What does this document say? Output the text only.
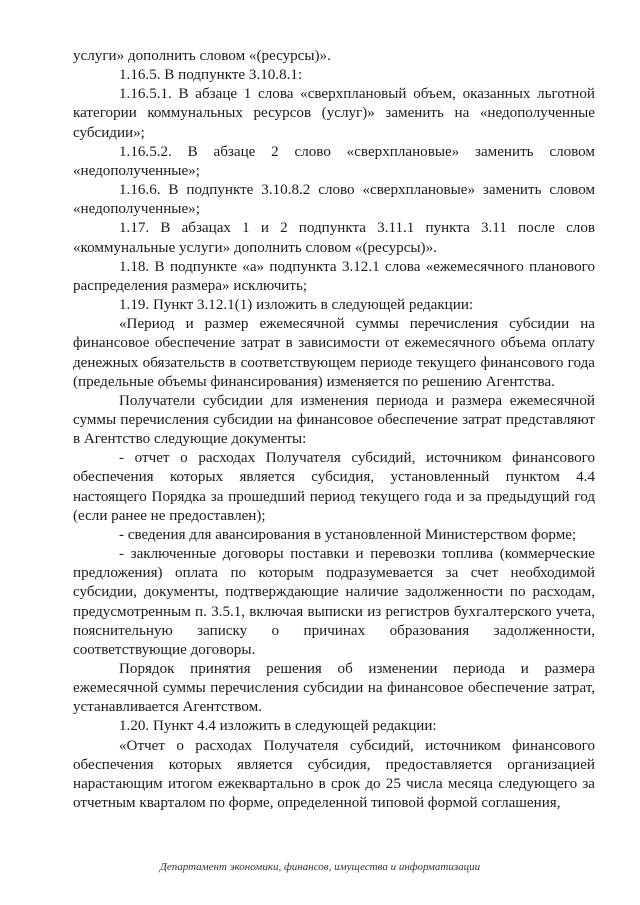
услуги» дополнить словом «(ресурсы)».

1.16.5. В подпункте 3.10.8.1:

1.16.5.1. В абзаце 1 слова «сверхплановый объем, оказанных льготной категории коммунальных ресурсов (услуг)» заменить на «недополученные субсидии»;

1.16.5.2. В абзаце 2 слово «сверхплановые» заменить словом «недополученные»;

1.16.6. В подпункте 3.10.8.2 слово «сверхплановые» заменить словом «недополученные»;

1.17. В абзацах 1 и 2 подпункта 3.11.1 пункта 3.11 после слов «коммунальные услуги» дополнить словом «(ресурсы)».

1.18. В подпункте «а» подпункта 3.12.1 слова «ежемесячного планового распределения размера» исключить;

1.19. Пункт 3.12.1(1) изложить в следующей редакции:

«Период и размер ежемесячной суммы перечисления субсидии на финансовое обеспечение затрат в зависимости от ежемесячного объема оплату денежных обязательств в соответствующем периоде текущего финансового года (предельные объемы финансирования) изменяется по решению Агентства.

Получатели субсидии для изменения периода и размера ежемесячной суммы перечисления субсидии на финансовое обеспечение затрат представляют в Агентство следующие документы:

- отчет о расходах Получателя субсидий, источником финансового обеспечения которых является субсидия, установленный пунктом 4.4 настоящего Порядка за прошедший период текущего года и за предыдущий год (если ранее не предоставлен);

- сведения для авансирования в установленной Министерством форме;

- заключенные договоры поставки и перевозки топлива (коммерческие предложения) оплата по которым подразумевается за счет необходимой субсидии, документы, подтверждающие наличие задолженности по расходам, предусмотренным п. 3.5.1, включая выписки из регистров бухгалтерского учета, пояснительную записку о причинах образования задолженности, соответствующие договоры.

Порядок принятия решения об изменении периода и размера ежемесячной суммы перечисления субсидии на финансовое обеспечение затрат, устанавливается Агентством.

1.20. Пункт 4.4 изложить в следующей редакции:

«Отчет о расходах Получателя субсидий, источником финансового обеспечения которых является субсидия, предоставляется организацией нарастающим итогом ежеквартально в срок до 25 числа месяца следующего за отчетным кварталом по форме, определенной типовой формой соглашения,

Департамент экономики, финансов, имущества и информатизации
